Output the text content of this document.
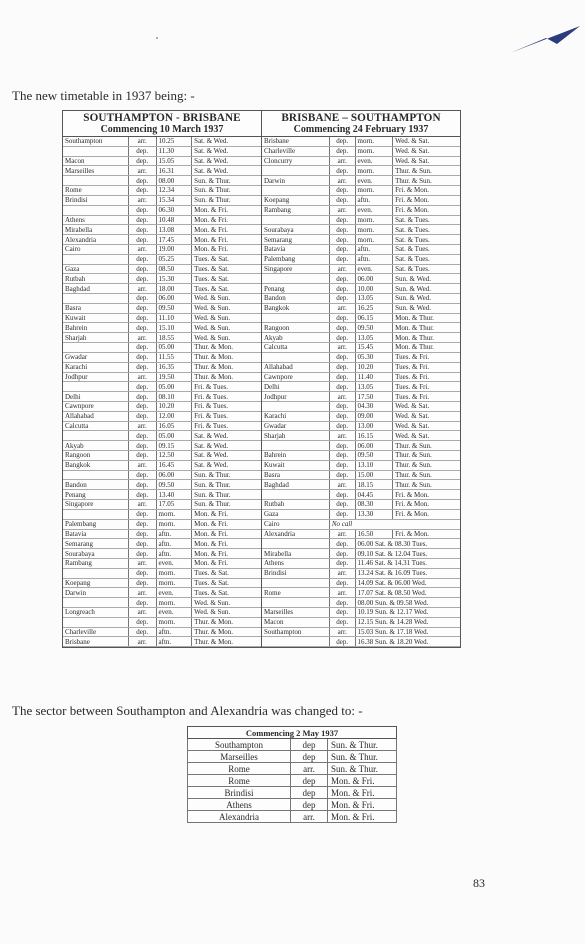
The new timetable in 1937 being: -

SOUTHAMPTON - BRISBANE
Commencing 10 March 1937
Southampton	arr.	10.25	Sat. & Wed.
	dep.	11.30	Sat. & Wed.
Macon	dep.	15.05	Sat. & Wed.
Marseilles	arr.	16.31	Sat. & Wed.
	dep.	08.00	Sun. & Thur.
Rome	dep.	12.34	Sun. & Thur.
Brindisi	arr.	15.34	Sun. & Thur.
	dep.	06.30	Mon. & Fri.
Athens	dep.	10.48	Mon. & Fri.
Mirabella	dep.	13.08	Mon. & Fri.
Alexandria	dep.	17.45	Mon. & Fri.
Cairo	arr.	19.00	Mon. & Fri.
	dep.	05.25	Tues. & Sat.
Gaza	dep.	08.50	Tues. & Sat.
Rutbah	dep.	15.30	Tues. & Sat.
Baghdad	arr.	18.00	Tues. & Sat.
	dep.	06.00	Wed. & Sun.
Basra	dep.	09.50	Wed. & Sun.
Kuwait	dep.	11.10	Wed. & Sun.
Bahrein	dep.	15.10	Wed. & Sun.
Sharjah	arr.	18.55	Wed. & Sun.
	dep.	05.00	Thur. & Mon.
Gwadar	dep.	11.55	Thur. & Mon.
Karachi	dep.	16.35	Thur. & Mon.
Jodhpur	arr.	19.50	Thur. & Mon.
	dep.	05.00	Fri. & Tues.
Delhi	dep.	08.10	Fri. & Tues.
Cawnpore	dep.	10.20	Fri. & Tues.
Allahabad	dep.	12.00	Fri. & Tues.
Calcutta	arr.	16.05	Fri. & Tues.
	dep.	05.00	Sat. & Wed.
Akyab	dep.	09.15	Sat. & Wed.
Rangoon	dep.	12.50	Sat. & Wed.
Bangkok	arr.	16.45	Sat. & Wed.
	dep.	06.00	Sun. & Thur.
Bandon	dep.	09.50	Sun. & Thur.
Penang	dep.	13.40	Sun. & Thur.
Singapore	arr.	17.05	Sun. & Thur.
	dep.	morn.	Mon. & Fri.
Palembang	dep.	morn.	Mon. & Fri.
Batavia	dep.	aftn.	Mon. & Fri.
Semarang	dep.	aftn.	Mon. & Fri.
Sourabaya	dep.	aftn.	Mon. & Fri.
Rambang	arr.	even.	Mon. & Fri.
	dep.	morn.	Tues. & Sat.
Koepang	dep.	morn.	Tues. & Sat.
Darwin	arr.	even.	Tues. & Sat.
	dep.	morn.	Wed. & Sun.
Longreach	arr.	even.	Wed. & Sun.
	dep.	morn.	Thur. & Mon.
Charleville	dep.	aftn.	Thur. & Mon.
Brisbane	arr.	aftn.	Thur. & Mon.
BRISBANE – SOUTHAMPTON
Commencing 24 February 1937
Brisbane	dep.	morn.	Wed. & Sat.
Charleville	dep.	morn.	Wed. & Sat.
Cloncurry	arr.	even.	Wed. & Sat.
	dep.	morn.	Thur. & Sun.
Darwin	arr.	even.	Thur. & Sun.
	dep.	morn.	Fri. & Mon.
Koepang	dep.	aftn.	Fri. & Mon.
Rambang	arr.	even.	Fri. & Mon.
	dep.	morn.	Sat. & Tues.
Sourabaya	dep.	morn.	Sat. & Tues.
Semarang	dep.	morn.	Sat. & Tues.
Batavia	dep.	aftn.	Sat. & Tues.
Palembang	dep.	aftn.	Sat. & Tues.
Singapore	arr.	even.	Sat. & Tues.
	dep.	06.00	Sun. & Wed.
Penang	dep.	10.00	Sun. & Wed.
Bandon	dep.	13.05	Sun. & Wed.
Bangkok	arr.	16.25	Sun. & Wed.
	dep.	06.15	Mon. & Thur.
Rangoon	dep.	09.50	Mon. & Thur.
Akyab	dep.	13.05	Mon. & Thur.
Calcutta	arr.	15.45	Mon. & Thur.
	dep.	05.30	Tues. & Fri.
Allahabad	dep.	10.20	Tues. & Fri.
Cawnpore	dep.	11.40	Tues. & Fri.
Delhi	dep.	13.05	Tues. & Fri.
Jodhpur	arr.	17.50	Tues. & Fri.
	dep.	04.30	Wed. & Sat.
Karachi	dep.	09.00	Wed. & Sat.
Gwadar	dep.	13.00	Wed. & Sat.
Sharjah	arr.	16.15	Wed. & Sat.
	dep.	06.00	Thur. & Sun.
Bahrein	dep.	09.50	Thur. & Sun.
Kuwait	dep.	13.10	Thur. & Sun.
Basra	dep.	15.00	Thur. & Sun.
Baghdad	arr.	18.15	Thur. & Sun.
	dep.	04.45	Fri. & Mon.
Rutbah	dep.	08.30	Fri. & Mon.
Gaza	dep.	13.30	Fri. & Mon.
Cairo	No call		
Alexandria	arr.	16.50	Fri. & Mon.
	dep.	06.00 Sat. & 08.30 Tues.	
Mirabella	dep.	09.10 Sat. & 12.04 Tues.	
Athens	dep.	11.46 Sat. & 14.31 Tues.	
Brindisi	arr.	13.24 Sat. & 16.09 Tues.	
	dep.	14.09 Sat. & 06.00 Wed.	
Rome	arr.	17.07 Sat. & 08.50 Wed.	
	dep.	08.00 Sun. & 09.58 Wed.	
Marseilles	dep.	10.19 Sun. & 12.17 Wed.	
Macon	dep.	12.15 Sun. & 14.28 Wed.	
Southampton	arr.	15.03 Sun. & 17.18 Wed.	
	dep.	16.38 Sun. & 18.20 Wed.	

The sector between Southampton and Alexandria was changed to: -

Commencing 2 May 1937		
Southampton	dep	Sun. & Thur.
Marseilles	dep	Sun. & Thur.
Rome	arr.	Sun. & Thur.
Rome	dep	Mon. & Fri.
Brindisi	dep	Mon. & Fri.
Athens	dep	Mon. & Fri.
Alexandria	arr.	Mon. & Fri.
83
